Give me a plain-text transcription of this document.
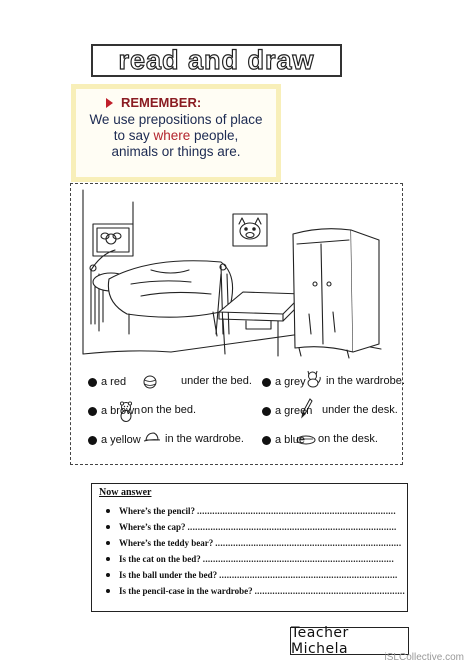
read and draw
REMEMBER:
We use prepositions of place
to say where people,
animals or things are.
a red	under the bed.
a brown on the bed.
a yellow in the wardrobe.
a grey in the wardrobe.
a green under the desk.
a blue on the desk.
Now answer
Where’s the pencil? ..............................................................................
Where’s the cap? ..................................................................................
Where’s the teddy bear? .........................................................................
Is the cat on the bed? ...........................................................................
Is the ball under the bed? ......................................................................
Is the pencil-case in the wardrobe? ...........................................................
Teacher Michela
iSLCollective.com
